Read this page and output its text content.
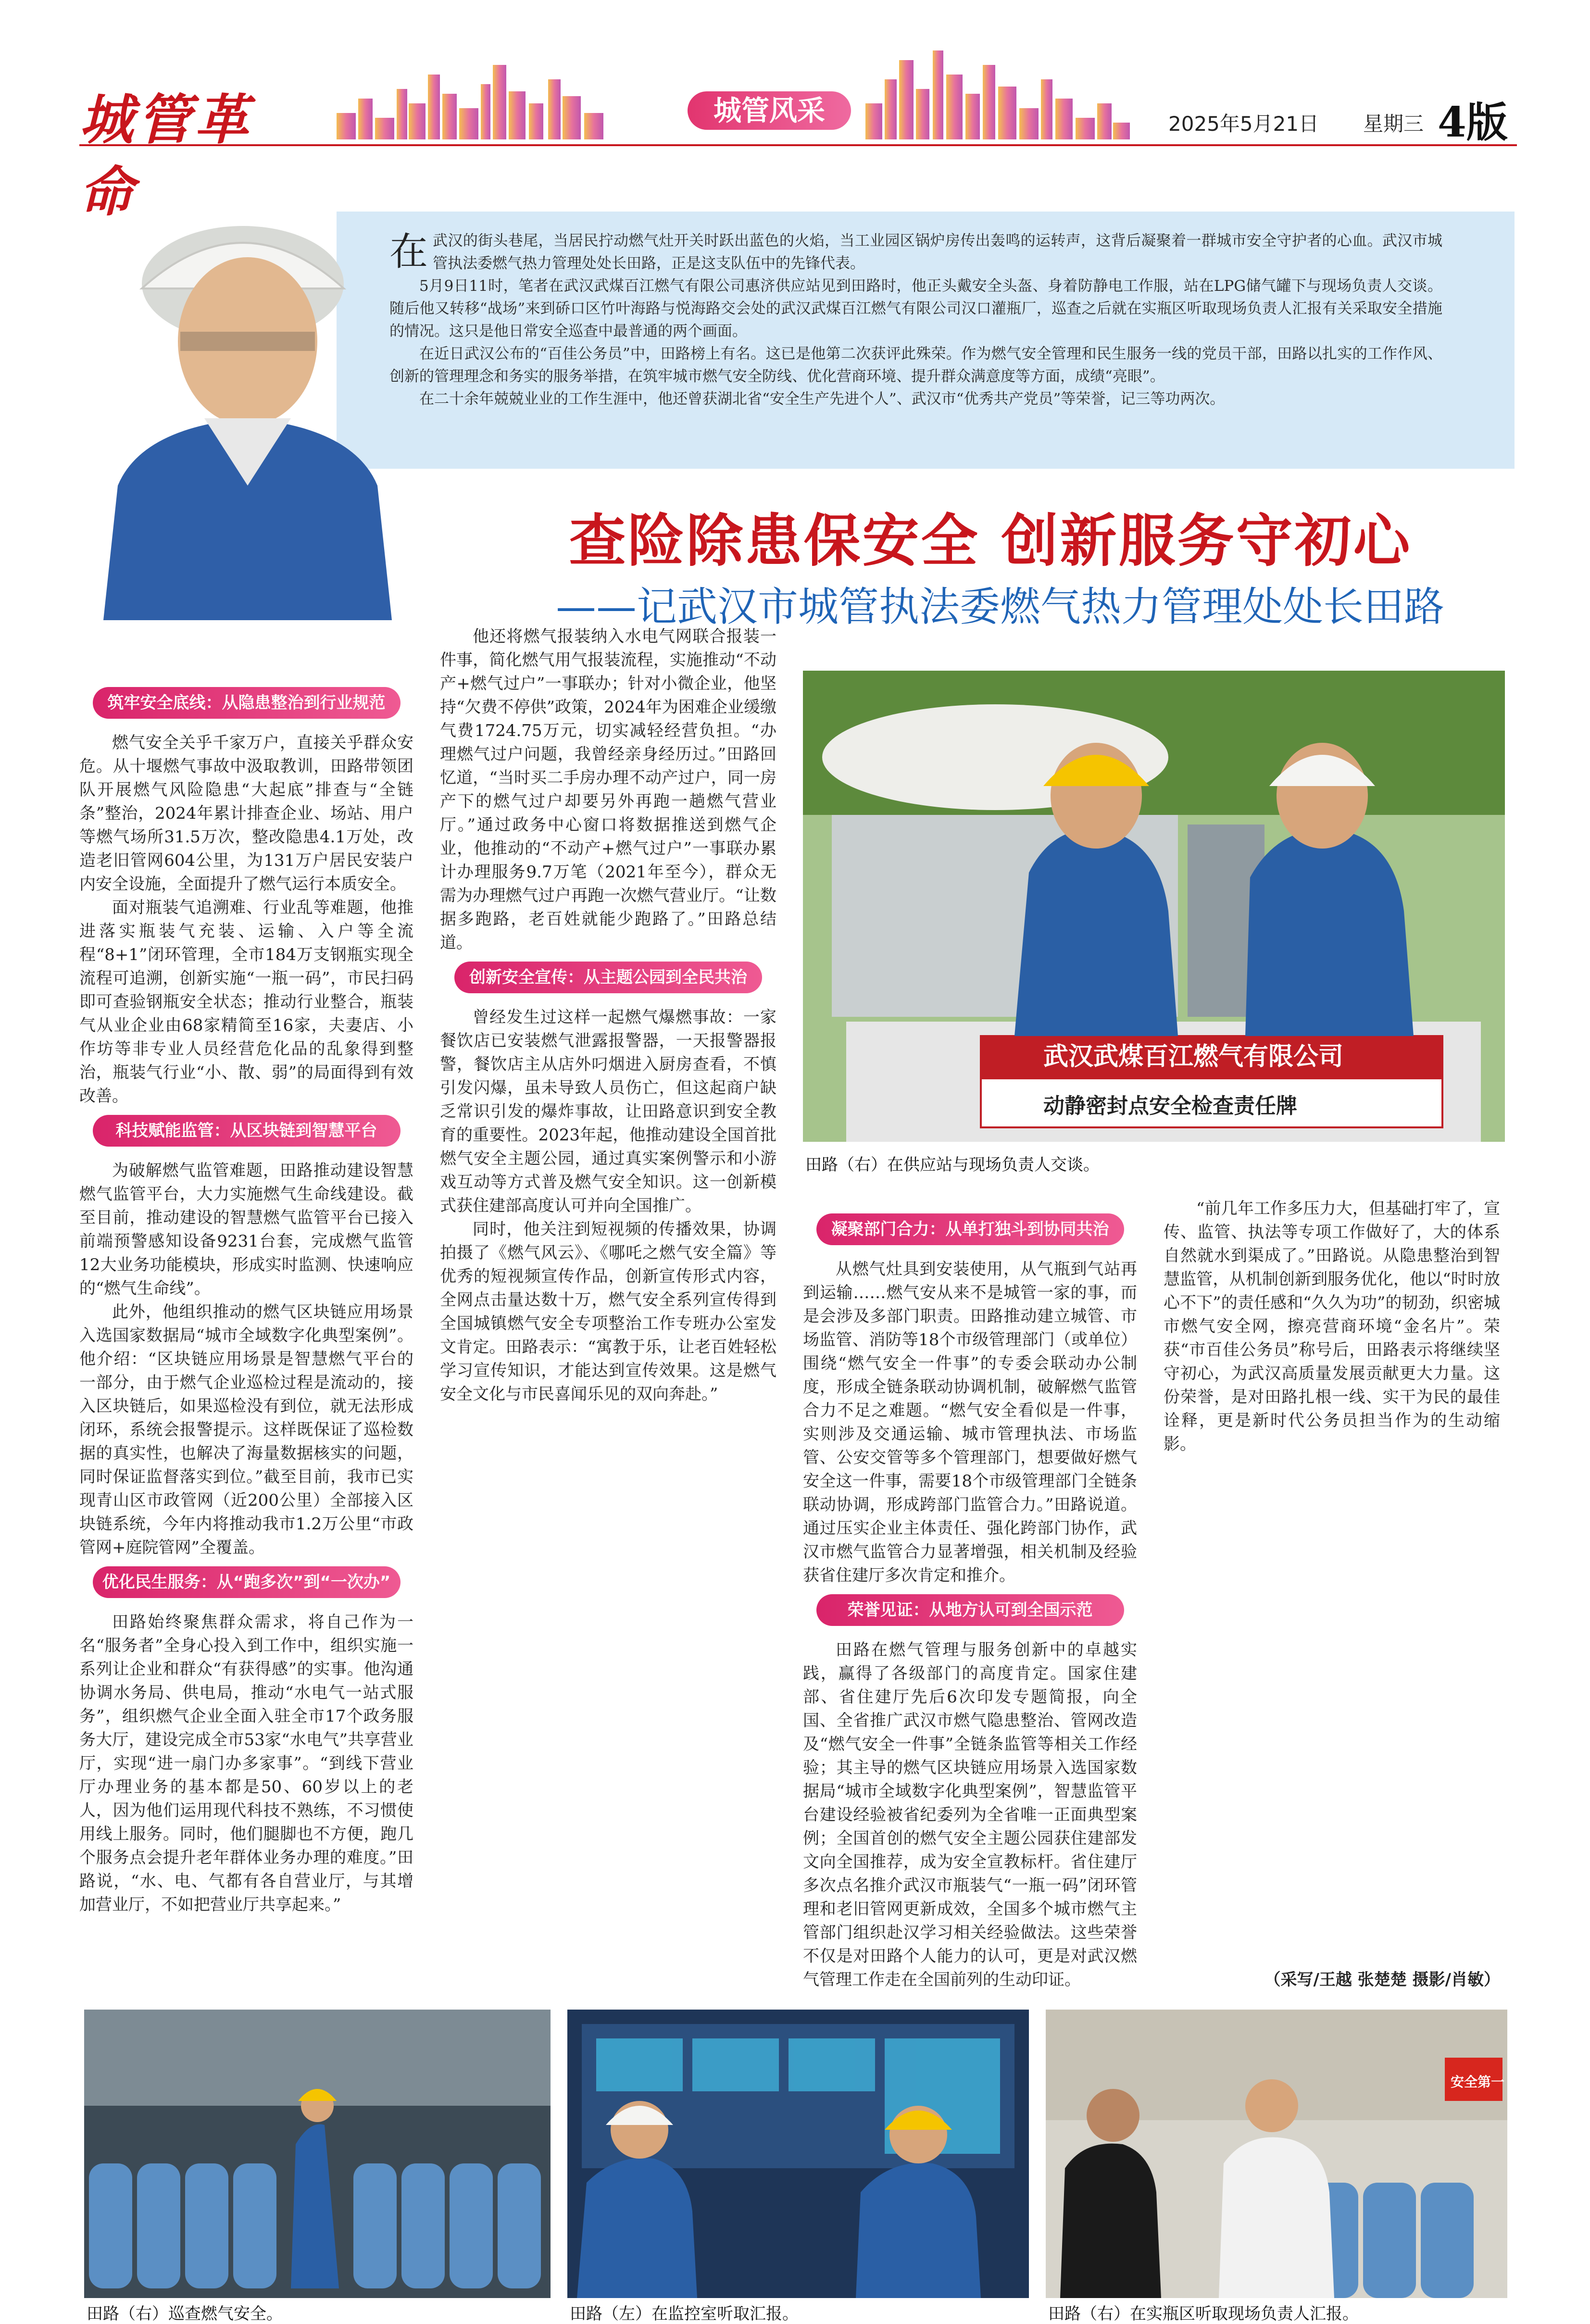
城管革命
城管风采	2025年5月21日 星期三 4版

在武汉的街头巷尾，当居民拧动燃气灶开关时跃出蓝色的火焰，当工业园区锅炉房传出轰鸣的运转声，这背后凝聚着一群城市安全守护者的心血。武汉市城管执法委燃气热力管理处处长田路，正是这支队伍中的先锋代表。

5月9日11时，笔者在武汉武煤百江燃气有限公司惠济供应站见到田路时，他正头戴安全头盔、身着防静电工作服，站在LPG储气罐下与现场负责人交谈。随后他又转移“战场”来到硚口区竹叶海路与悦海路交会处的武汉武煤百江燃气有限公司汉口灌瓶厂，巡查之后就在实瓶区听取现场负责人汇报有关采取安全措施的情况。这只是他日常安全巡查中最普通的两个画面。

在近日武汉公布的“百佳公务员”中，田路榜上有名。这已是他第二次获评此殊荣。作为燃气安全管理和民生服务一线的党员干部，田路以扎实的工作作风、创新的管理理念和务实的服务举措，在筑牢城市燃气安全防线、优化营商环境、提升群众满意度等方面，成绩“亮眼”。

在二十余年兢兢业业的工作生涯中，他还曾获湖北省“安全生产先进个人”、武汉市“优秀共产党员”等荣誉，记三等功两次。

查险除患保安全 创新服务守初心
——记武汉市城管执法委燃气热力管理处处长田路
筑牢安全底线：从隐患整治到行业规范

燃气安全关乎千家万户，直接关乎群众安危。从十堰燃气事故中汲取教训，田路带领团队开展燃气风险隐患“大起底”排查与“全链条”整治，2024年累计排查企业、场站、用户等燃气场所31.5万次，整改隐患4.1万处，改造老旧管网604公里，为131万户居民安装户内安全设施，全面提升了燃气运行本质安全。

面对瓶装气追溯难、行业乱等难题，他推进落实瓶装气充装、运输、入户等全流程“8+1”闭环管理，全市184万支钢瓶实现全流程可追溯，创新实施“一瓶一码”，市民扫码即可查验钢瓶安全状态；推动行业整合，瓶装气从业企业由68家精简至16家，夫妻店、小作坊等非专业人员经营危化品的乱象得到整治，瓶装气行业“小、散、弱”的局面得到有效改善。

科技赋能监管：从区块链到智慧平台

为破解燃气监管难题，田路推动建设智慧燃气监管平台，大力实施燃气生命线建设。截至目前，推动建设的智慧燃气监管平台已接入前端预警感知设备9231台套，完成燃气监管12大业务功能模块，形成实时监测、快速响应的“燃气生命线”。

此外，他组织推动的燃气区块链应用场景入选国家数据局“城市全域数字化典型案例”。他介绍：“区块链应用场景是智慧燃气平台的一部分，由于燃气企业巡检过程是流动的，接入区块链后，如果巡检没有到位，就无法形成闭环，系统会报警提示。这样既保证了巡检数据的真实性，也解决了海量数据核实的问题，同时保证监督落实到位。”截至目前，我市已实现青山区市政管网（近200公里）全部接入区块链系统，今年内将推动我市1.2万公里“市政管网+庭院管网”全覆盖。

优化民生服务：从“跑多次”到“一次办”

田路始终聚焦群众需求，将自己作为一名“服务者”全身心投入到工作中，组织实施一系列让企业和群众“有获得感”的实事。他沟通协调水务局、供电局，推动“水电气一站式服务”，组织燃气企业全面入驻全市17个政务服务大厅，建设完成全市53家“水电气”共享营业厅，实现“进一扇门办多家事”。“到线下营业厅办理业务的基本都是50、60岁以上的老人，因为他们运用现代科技不熟练，不习惯使用线上服务。同时，他们腿脚也不方便，跑几个服务点会提升老年群体业务办理的难度。”田路说，“水、电、气都有各自营业厅，与其增加营业厅，不如把营业厅共享起来。”

他还将燃气报装纳入水电气网联合报装一件事，简化燃气用气报装流程，实施推动“不动产+燃气过户”一事联办；针对小微企业，他坚持“欠费不停供”政策，2024年为困难企业缓缴气费1724.75万元，切实减轻经营负担。“办理燃气过户问题，我曾经亲身经历过。”田路回忆道，“当时买二手房办理不动产过户，同一房产下的燃气过户却要另外再跑一趟燃气营业厅。”通过政务中心窗口将数据推送到燃气企业，他推动的“不动产+燃气过户”一事联办累计办理服务9.7万笔（2021年至今），群众无需为办理燃气过户再跑一次燃气营业厅。“让数据多跑路，老百姓就能少跑路了。”田路总结道。

创新安全宣传：从主题公园到全民共治

曾经发生过这样一起燃气爆燃事故：一家餐饮店已安装燃气泄露报警器，一天报警器报警，餐饮店主从店外叼烟进入厨房查看，不慎引发闪爆，虽未导致人员伤亡，但这起商户缺乏常识引发的爆炸事故，让田路意识到安全教育的重要性。2023年起，他推动建设全国首批燃气安全主题公园，通过真实案例警示和小游戏互动等方式普及燃气安全知识。这一创新模式获住建部高度认可并向全国推广。

同时，他关注到短视频的传播效果，协调拍摄了《燃气风云》、《哪吒之燃气安全篇》等优秀的短视频宣传作品，创新宣传形式内容，全网点击量达数十万，燃气安全系列宣传得到全国城镇燃气安全专项整治工作专班办公室发文肯定。田路表示：“寓教于乐，让老百姓轻松学习宣传知识，才能达到宣传效果。这是燃气安全文化与市民喜闻乐见的双向奔赴。”

武汉武煤百江燃气有限公司
动静密封点安全检查责任牌
田路（右）在供应站与现场负责人交谈。
凝聚部门合力：从单打独斗到协同共治

从燃气灶具到安装使用，从气瓶到气站再到运输……燃气安从来不是城管一家的事，而是会涉及多部门职责。田路推动建立城管、市场监管、消防等18个市级管理部门（或单位）围绕“燃气安全一件事”的专委会联动办公制度，形成全链条联动协调机制，破解燃气监管合力不足之难题。“燃气安全看似是一件事，实则涉及交通运输、城市管理执法、市场监管、公安交管等多个管理部门，想要做好燃气安全这一件事，需要18个市级管理部门全链条联动协调，形成跨部门监管合力。”田路说道。通过压实企业主体责任、强化跨部门协作，武汉市燃气监管合力显著增强，相关机制及经验获省住建厅多次肯定和推介。

荣誉见证：从地方认可到全国示范

田路在燃气管理与服务创新中的卓越实践，赢得了各级部门的高度肯定。国家住建部、省住建厅先后6次印发专题简报，向全国、全省推广武汉市燃气隐患整治、管网改造及“燃气安全一件事”全链条监管等相关工作经验；其主导的燃气区块链应用场景入选国家数据局“城市全域数字化典型案例”，智慧监管平台建设经验被省纪委列为全省唯一正面典型案例；全国首创的燃气安全主题公园获住建部发文向全国推荐，成为安全宣教标杆。省住建厅多次点名推介武汉市瓶装气“一瓶一码”闭环管理和老旧管网更新成效，全国多个城市燃气主管部门组织赴汉学习相关经验做法。这些荣誉不仅是对田路个人能力的认可，更是对武汉燃气管理工作走在全国前列的生动印证。

“前几年工作多压力大，但基础打牢了，宣传、监管、执法等专项工作做好了，大的体系自然就水到渠成了。”田路说。从隐患整治到智慧监管，从机制创新到服务优化，他以“时时放心不下”的责任感和“久久为功”的韧劲，织密城市燃气安全网，擦亮营商环境“金名片”。荣获“市百佳公务员”称号后，田路表示将继续坚守初心，为武汉高质量发展贡献更大力量。这份荣誉，是对田路扎根一线、实干为民的最佳诠释，更是新时代公务员担当作为的生动缩影。

（采写/王越 张楚楚 摄影/肖敏）
田路（右）巡查燃气安全。	田路（左）在监控室听取汇报。
安全第一
田路（右）在实瓶区听取现场负责人汇报。
